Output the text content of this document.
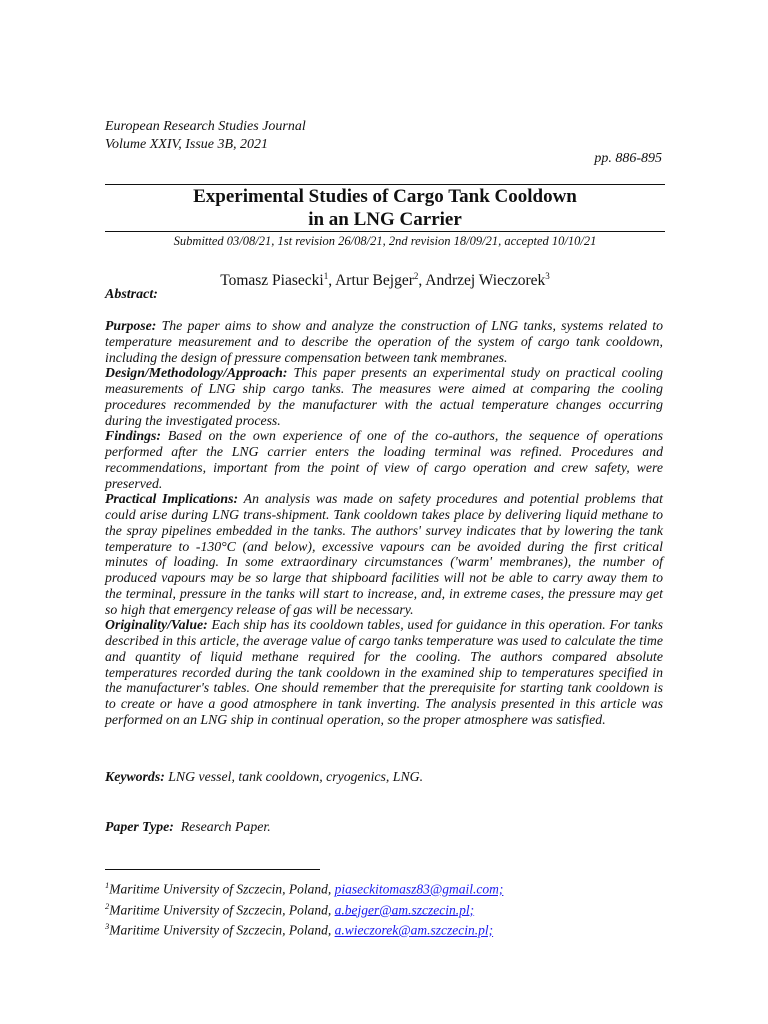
European Research Studies Journal
Volume XXIV, Issue 3B, 2021
pp. 886-895
Experimental Studies of Cargo Tank Cooldown
in an LNG Carrier
Submitted 03/08/21, 1st revision 26/08/21, 2nd revision 18/09/21, accepted 10/10/21
Tomasz Piasecki$^1$, Artur Bejger$^2$, Andrzej Wieczorek$^3$
Abstract:

Purpose: The paper aims to show and analyze the construction of LNG tanks, systems related to temperature measurement and to describe the operation of the system of cargo tank cooldown, including the design of pressure compensation between tank membranes.

Design/Methodology/Approach: This paper presents an experimental study on practical cooling measurements of LNG ship cargo tanks. The measures were aimed at comparing the cooling procedures recommended by the manufacturer with the actual temperature changes occurring during the investigated process.

Findings: Based on the own experience of one of the co-authors, the sequence of operations performed after the LNG carrier enters the loading terminal was refined. Procedures and recommendations, important from the point of view of cargo operation and crew safety, were preserved.

Practical Implications: An analysis was made on safety procedures and potential problems that could arise during LNG trans-shipment. Tank cooldown takes place by delivering liquid methane to the spray pipelines embedded in the tanks. The authors' survey indicates that by lowering the tank temperature to -130°C (and below), excessive vapours can be avoided during the first critical minutes of loading. In some extraordinary circumstances ('warm' membranes), the number of produced vapours may be so large that shipboard facilities will not be able to carry away them to the terminal, pressure in the tanks will start to increase, and, in extreme cases, the pressure may get so high that emergency release of gas will be necessary.

Originality/Value: Each ship has its cooldown tables, used for guidance in this operation. For tanks described in this article, the average value of cargo tanks temperature was used to calculate the time and quantity of liquid methane required for the cooling. The authors compared absolute temperatures recorded during the tank cooldown in the examined ship to temperatures specified in the manufacturer's tables. One should remember that the prerequisite for starting tank cooldown is to create or have a good atmosphere in tank inverting. The analysis presented in this article was performed on an LNG ship in continual operation, so the proper atmosphere was satisfied.

Keywords: LNG vessel, tank cooldown, cryogenics, LNG.
Paper Type: Research Paper.
$^1$Maritime University of Szczecin, Poland, piaseckitomasz83@gmail.com;
$^2$Maritime University of Szczecin, Poland, a.bejger@am.szczecin.pl;
$^3$Maritime University of Szczecin, Poland, a.wieczorek@am.szczecin.pl;
